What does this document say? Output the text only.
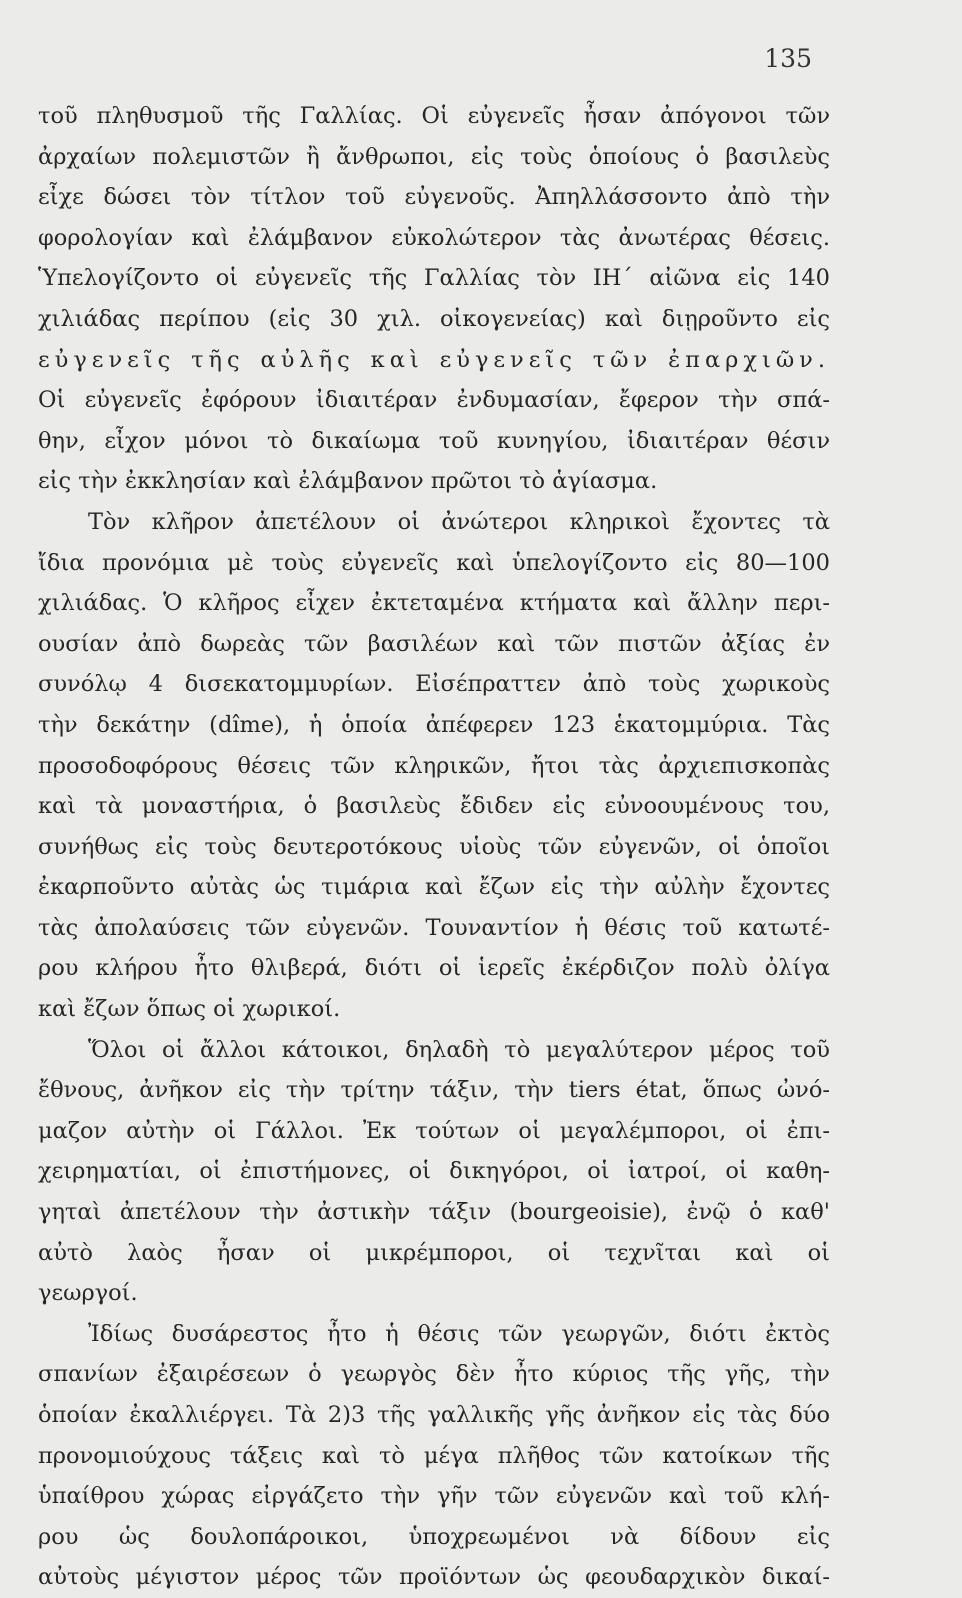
135
τοῦ πληθυσμοῦ τῆς Γαλλίας. Οἱ εὐγενεῖς ἦσαν ἀπόγονοι τῶν
ἀρχαίων πολεμιστῶν ἢ ἄνθρωποι, εἰς τοὺς ὁποίους ὁ βασιλεὺς
εἶχε δώσει τὸν τίτλον τοῦ εὐγενοῦς. Ἀπηλλάσσοντο ἀπὸ τὴν
φορολογίαν καὶ ἐλάμβανον εὐκολώτερον τὰς ἀνωτέρας θέσεις.
Ὑπελογίζοντο οἱ εὐγενεῖς τῆς Γαλλίας τὸν ΙΗ´ αἰῶνα εἰς 140
χιλιάδας περίπου (εἰς 30 χιλ. οἰκογενείας) καὶ διῃροῦντο εἰς
εὐγενεῖς τῆς αὐλῆς καὶ εὐγενεῖς τῶν ἐπαρχιῶν.
Οἱ εὐγενεῖς ἐφόρουν ἰδιαιτέραν ἐνδυμασίαν, ἔφερον τὴν σπά-
θην, εἶχον μόνοι τὸ δικαίωμα τοῦ κυνηγίου, ἰδιαιτέραν θέσιν
εἰς τὴν ἐκκλησίαν καὶ ἐλάμβανον πρῶτοι τὸ ἁγίασμα.
Τὸν κλῆρον ἀπετέλουν οἱ ἀνώτεροι κληρικοὶ ἔχοντες τὰ
ἴδια προνόμια μὲ τοὺς εὐγενεῖς καὶ ὑπελογίζοντο εἰς 80—100
χιλιάδας. Ὁ κλῆρος εἶχεν ἐκτεταμένα κτήματα καὶ ἄλλην περι-
ουσίαν ἀπὸ δωρεὰς τῶν βασιλέων καὶ τῶν πιστῶν ἀξίας ἐν
συνόλῳ 4 δισεκατομμυρίων. Εἰσέπραττεν ἀπὸ τοὺς χωρικοὺς
τὴν δεκάτην (dîme), ἡ ὁποία ἀπέφερεν 123 ἑκατομμύρια. Τὰς
προσοδοφόρους θέσεις τῶν κληρικῶν, ἤτοι τὰς ἀρχιεπισκοπὰς
καὶ τὰ μοναστήρια, ὁ βασιλεὺς ἔδιδεν εἰς εὐνοουμένους του,
συνήθως εἰς τοὺς δευτεροτόκους υἱοὺς τῶν εὐγενῶν, οἱ ὁποῖοι
ἐκαρποῦντο αὐτὰς ὡς τιμάρια καὶ ἔζων εἰς τὴν αὐλὴν ἔχοντες
τὰς ἀπολαύσεις τῶν εὐγενῶν. Τουναντίον ἡ θέσις τοῦ κατωτέ-
ρου κλήρου ἦτο θλιβερά, διότι οἱ ἱερεῖς ἐκέρδιζον πολὺ ὀλίγα
καὶ ἔζων ὅπως οἱ χωρικοί.
Ὅλοι οἱ ἄλλοι κάτοικοι, δηλαδὴ τὸ μεγαλύτερον μέρος τοῦ
ἔθνους, ἀνῆκον εἰς τὴν τρίτην τάξιν, τὴν tiers état, ὅπως ὠνό-
μαζον αὐτὴν οἱ Γάλλοι. Ἐκ τούτων οἱ μεγαλέμποροι, οἱ ἐπι-
χειρηματίαι, οἱ ἐπιστήμονες, οἱ δικηγόροι, οἱ ἰατροί, οἱ καθη-
γηταὶ ἀπετέλουν τὴν ἀστικὴν τάξιν (bourgeoisie), ἐνῷ ὁ καθ'
αὐτὸ λαὸς ἦσαν οἱ μικρέμποροι, οἱ τεχνῖται καὶ οἱ
γεωργοί.
Ἰδίως δυσάρεστος ἦτο ἡ θέσις τῶν γεωργῶν, διότι ἐκτὸς
σπανίων ἐξαιρέσεων ὁ γεωργὸς δὲν ἦτο κύριος τῆς γῆς, τὴν
ὁποίαν ἐκαλλιέργει. Τὰ 2)3 τῆς γαλλικῆς γῆς ἀνῆκον εἰς τὰς δύο
προνομιούχους τάξεις καὶ τὸ μέγα πλῆθος τῶν κατοίκων τῆς
ὑπαίθρου χώρας εἰργάζετο τὴν γῆν τῶν εὐγενῶν καὶ τοῦ κλή-
ρου ὡς δουλοπάροικοι, ὑποχρεωμένοι νὰ δίδουν εἰς
αὐτοὺς μέγιστον μέρος τῶν προϊόντων ὡς φεουδαρχικὸν δικαί-
